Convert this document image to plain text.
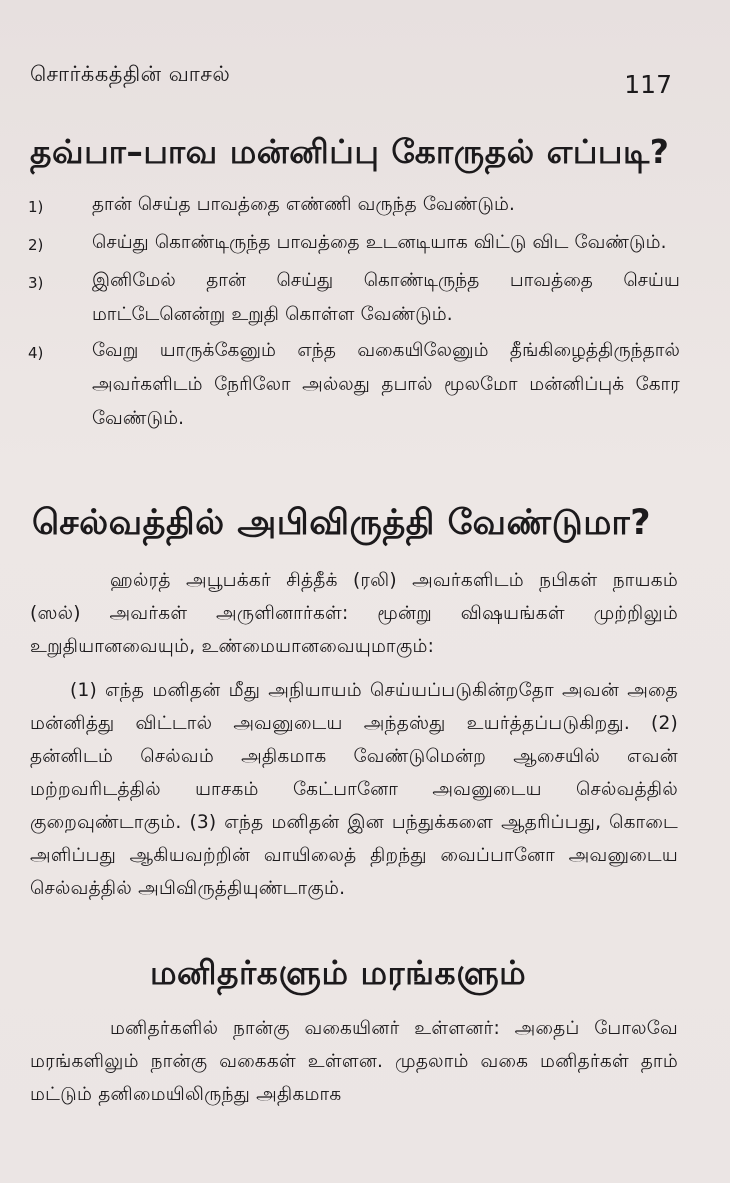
சொர்க்கத்தின் வாசல்	117
தவ்பா–பாவ மன்னிப்பு கோருதல் எப்படி?
1)	தான் செய்த பாவத்தை எண்ணி வருந்த வேண்டும்.
2)	செய்து கொண்டிருந்த பாவத்தை உடனடியாக விட்டு விட வேண்டும்.
3)	இனிமேல் தான் செய்து கொண்டிருந்த பாவத்தை செய்ய மாட்டேனென்று உறுதி கொள்ள வேண்டும்.
4)	வேறு யாருக்கேனும் எந்த வகையிலேனும் தீங்கிழைத்திருந்தால் அவர்களிடம் நேரிலோ அல்லது தபால் மூலமோ மன்னிப்புக் கோர வேண்டும்.
செல்வத்தில் அபிவிருத்தி வேண்டுமா?

ஹல்ரத் அபூபக்கர் சித்தீக் (ரலி) அவர்களிடம் நபிகள் நாயகம் (ஸல்) அவர்கள் அருளினார்கள்: மூன்று விஷயங்கள் முற்றிலும் உறுதியானவையும், உண்மையானவையுமாகும்:

(1) எந்த மனிதன் மீது அநியாயம் செய்யப்படுகின்றதோ அவன் அதை மன்னித்து விட்டால் அவனுடைய அந்தஸ்து உயர்த்தப்படுகிறது. (2) தன்னிடம் செல்வம் அதிகமாக வேண்டுமென்ற ஆசையில் எவன் மற்றவரிடத்தில் யாசகம் கேட்பானோ அவனுடைய செல்வத்தில் குறைவுண்டாகும். (3) எந்த மனிதன் இன பந்துக்களை ஆதரிப்பது, கொடை அளிப்பது ஆகியவற்றின் வாயிலைத் திறந்து வைப்பானோ அவனுடைய செல்வத்தில் அபிவிருத்தியுண்டாகும்.

மனிதர்களும் மரங்களும்

மனிதர்களில் நான்கு வகையினர் உள்ளனர்: அதைப் போலவே மரங்களிலும் நான்கு வகைகள் உள்ளன. முதலாம் வகை மனிதர்கள் தாம் மட்டும் தனிமையிலிருந்து அதிகமாக
